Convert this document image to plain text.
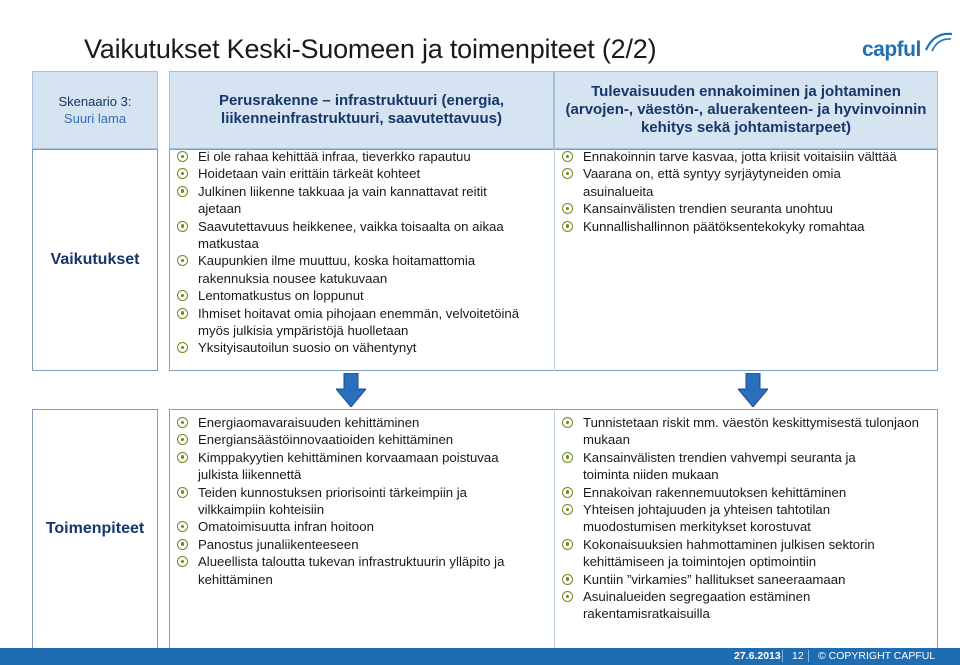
Vaikutukset Keski-Suomeen ja toimenpiteet (2/2)	capful
Skenaario 3:
Suuri lama
Perusrakenne – infrastruktuuri (energia, liikenneinfrastruktuuri, saavutettavuus)
Tulevaisuuden ennakoiminen ja johtaminen (arvojen-, väestön-, aluerakenteen- ja hyvinvoinnin kehitys sekä johtamistarpeet)
Vaikutukset
Ei ole rahaa kehittää infraa, tieverkko rapautuu
Hoidetaan vain erittäin tärkeät kohteet
Julkinen liikenne takkuaa ja vain kannattavat reitit ajetaan
Saavutettavuus heikkenee, vaikka toisaalta on aikaa matkustaa
Kaupunkien ilme muuttuu, koska hoitamattomia rakennuksia nousee katukuvaan
Lentomatkustus on loppunut
Ihmiset hoitavat omia pihojaan enemmän, velvoitetöinä myös julkisia ympäristöjä huolletaan
Yksityisautoilun suosio on vähentynyt
Ennakoinnin tarve kasvaa, jotta kriisit voitaisiin välttää
Vaarana on, että syntyy syrjäytyneiden omia asuinalueita
Kansainvälisten trendien seuranta unohtuu
Kunnallishallinnon päätöksentekokyky romahtaa
Toimenpiteet
Energiaomavaraisuuden kehittäminen
Energiansäästöinnovaatioiden kehittäminen
Kimppakyytien kehittäminen korvaamaan poistuvaa julkista liikennettä
Teiden kunnostuksen priorisointi tärkeimpiin ja vilkkaimpiin kohteisiin
Omatoimisuutta infran hoitoon
Panostus junaliikenteeseen
Alueellista taloutta tukevan infrastruktuurin ylläpito ja kehittäminen
Tunnistetaan riskit mm. väestön keskittymisestä tulonjaon mukaan
Kansainvälisten trendien vahvempi seuranta ja toiminta niiden mukaan
Ennakoivan rakennemuutoksen kehittäminen
Yhteisen johtajuuden ja yhteisen tahtotilan muodostumisen merkitykset korostuvat
Kokonaisuuksien hahmottaminen julkisen sektorin kehittämiseen ja toimintojen optimointiin
Kuntiin ”virkamies” hallitukset saneeraamaan
Asuinalueiden segregaation estäminen rakentamisratkaisuilla
27.6.2013 12 © COPYRIGHT CAPFUL
